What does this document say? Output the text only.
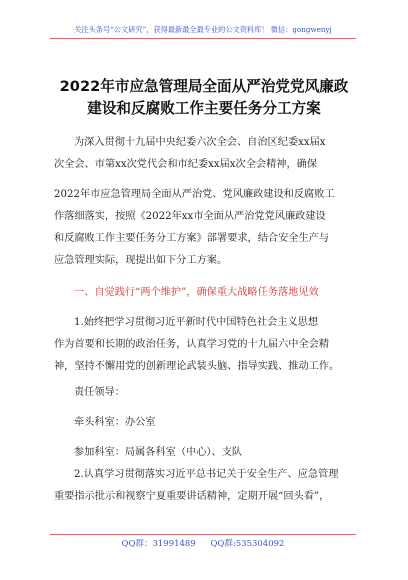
关注头条号“公文研究”，获得最新最全最专业的公文资料库！ 微信：gongwenyj
2022年市应急管理局全面从严治党党风廉政
建设和反腐败工作主要任务分工方案
为深入贯彻十九届中央纪委六次全会、自治区纪委xx届x
次全会、市第xx次党代会和市纪委xx届x次全会精神，确保
2022年市应急管理局全面从严治党、党风廉政建设和反腐败工
作落细落实，按照《2022年xx市全面从严治党党风廉政建设
和反腐败工作主要任务分工方案》部署要求，结合安全生产与
应急管理实际，现提出如下分工方案。
一、自觉践行“两个维护”，确保重大战略任务落地见效
1.始终把学习贯彻习近平新时代中国特色社会主义思想
作为首要和长期的政治任务，认真学习党的十九届六中全会精
神，坚持不懈用党的创新理论武装头脑、指导实践、推动工作。
责任领导：
牵头科室：办公室
参加科室：局属各科室（中心）、支队
2.认真学习贯彻落实习近平总书记关于安全生产、应急管理
重要指示批示和视察宁夏重要讲话精神，定期开展“回头看”，
QQ群：31991489 QQ群:535304092
